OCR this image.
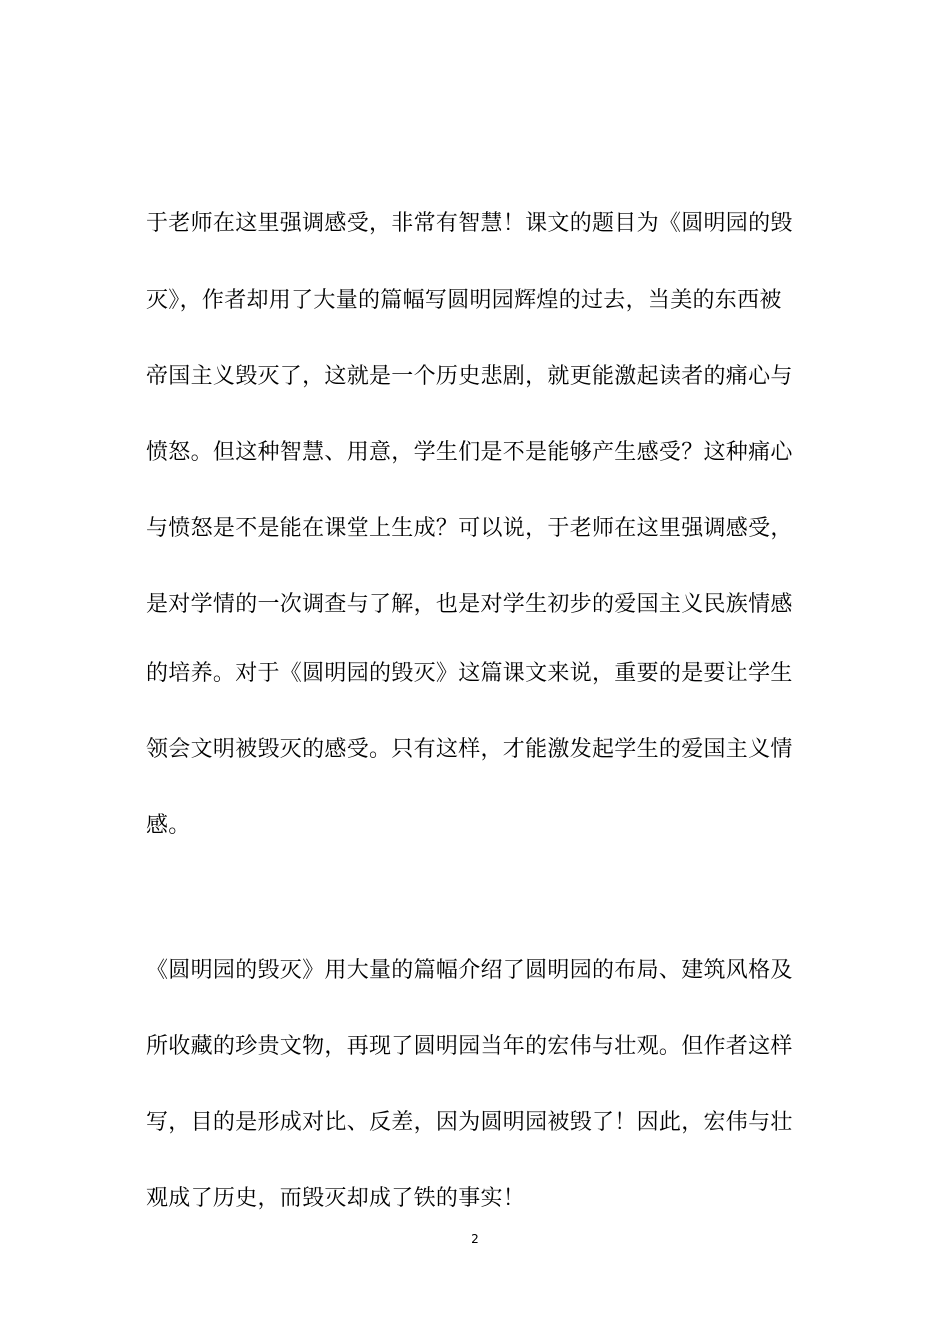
于老师在这里强调感受，非常有智慧！课文的题目为《圆明园的毁
灭》，作者却用了大量的篇幅写圆明园辉煌的过去，当美的东西被
帝国主义毁灭了，这就是一个历史悲剧，就更能激起读者的痛心与
愤怒。但这种智慧、用意，学生们是不是能够产生感受？这种痛心
与愤怒是不是能在课堂上生成？可以说，于老师在这里强调感受，
是对学情的一次调查与了解，也是对学生初步的爱国主义民族情感
的培养。对于《圆明园的毁灭》这篇课文来说，重要的是要让学生
领会文明被毁灭的感受。只有这样，才能激发起学生的爱国主义情
感。
《圆明园的毁灭》用大量的篇幅介绍了圆明园的布局、建筑风格及
所收藏的珍贵文物，再现了圆明园当年的宏伟与壮观。但作者这样
写，目的是形成对比、反差，因为圆明园被毁了！因此，宏伟与壮
观成了历史，而毁灭却成了铁的事实！
2
